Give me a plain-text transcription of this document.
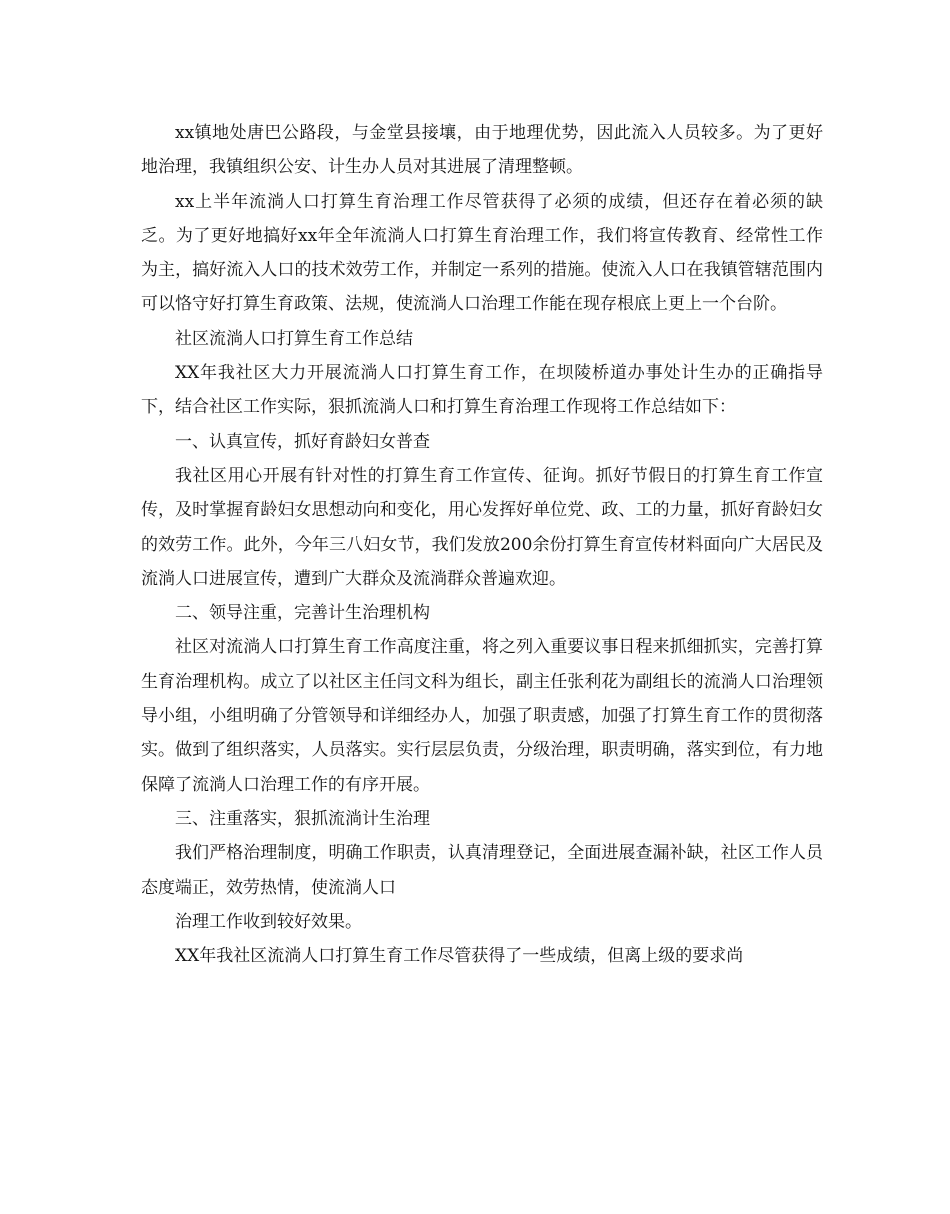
xx镇地处唐巴公路段，与金堂县接壤，由于地理优势，因此流入人员较多。为了更好地治理，我镇组织公安、计生办人员对其进展了清理整顿。

xx上半年流淌人口打算生育治理工作尽管获得了必须的成绩，但还存在着必须的缺乏。为了更好地搞好xx年全年流淌人口打算生育治理工作，我们将宣传教育、经常性工作为主，搞好流入人口的技术效劳工作，并制定一系列的措施。使流入人口在我镇管辖范围内可以恪守好打算生育政策、法规，使流淌人口治理工作能在现存根底上更上一个台阶。

社区流淌人口打算生育工作总结

XX年我社区大力开展流淌人口打算生育工作，在坝陵桥道办事处计生办的正确指导下，结合社区工作实际，狠抓流淌人口和打算生育治理工作现将工作总结如下：

一、认真宣传，抓好育龄妇女普查

我社区用心开展有针对性的打算生育工作宣传、征询。抓好节假日的打算生育工作宣传，及时掌握育龄妇女思想动向和变化，用心发挥好单位党、政、工的力量，抓好育龄妇女的效劳工作。此外，今年三八妇女节，我们发放200余份打算生育宣传材料面向广大居民及流淌人口进展宣传，遭到广大群众及流淌群众普遍欢迎。

二、领导注重，完善计生治理机构

社区对流淌人口打算生育工作高度注重，将之列入重要议事日程来抓细抓实，完善打算生育治理机构。成立了以社区主任闫文科为组长，副主任张利花为副组长的流淌人口治理领导小组，小组明确了分管领导和详细经办人，加强了职责感，加强了打算生育工作的贯彻落实。做到了组织落实，人员落实。实行层层负责，分级治理，职责明确，落实到位，有力地保障了流淌人口治理工作的有序开展。

三、注重落实，狠抓流淌计生治理

我们严格治理制度，明确工作职责，认真清理登记，全面进展查漏补缺，社区工作人员态度端正，效劳热情，使流淌人口

治理工作收到较好效果。

XX年我社区流淌人口打算生育工作尽管获得了一些成绩，但离上级的要求尚
